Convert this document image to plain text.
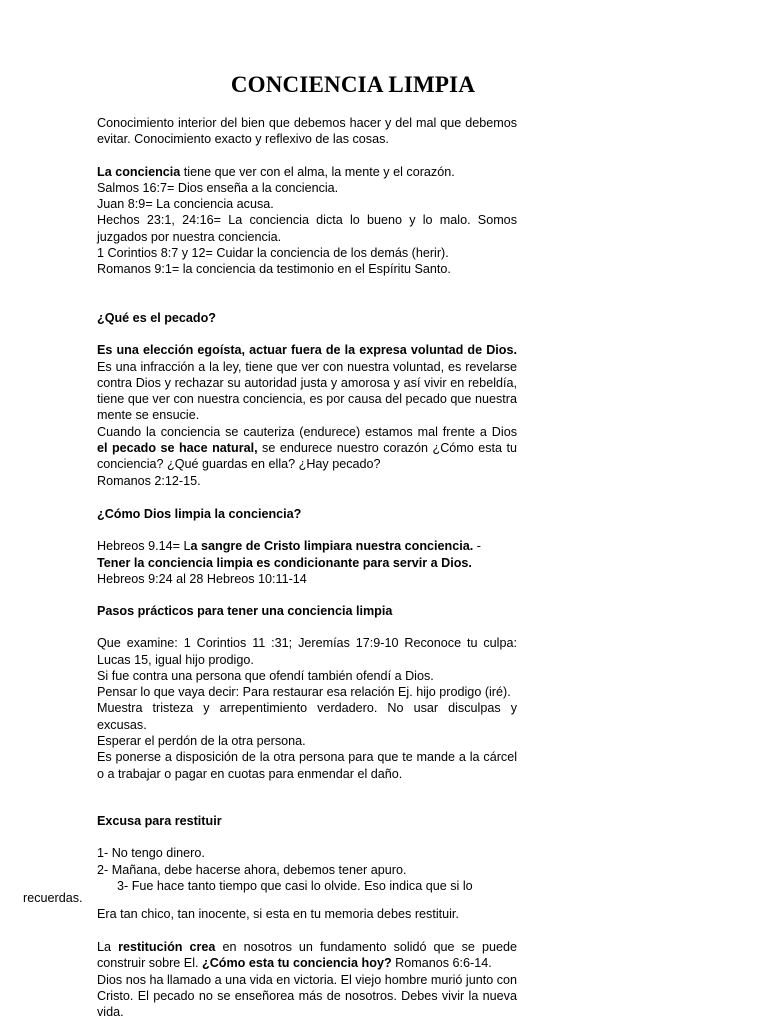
CONCIENCIA LIMPIA

Conocimiento interior del bien que debemos hacer y del mal que debemos evitar. Conocimiento exacto y reflexivo de las cosas.

La conciencia tiene que ver con el alma, la mente y el corazón.

Salmos 16:7= Dios enseña a la conciencia.

Juan 8:9= La conciencia acusa.

Hechos 23:1, 24:16= La conciencia dicta lo bueno y lo malo. Somos juzgados por nuestra conciencia.

1 Corintios 8:7 y 12= Cuidar la conciencia de los demás (herir).

Romanos 9:1= la conciencia da testimonio en el Espíritu Santo.

¿Qué es el pecado?

Es una elección egoísta, actuar fuera de la expresa voluntad de Dios. Es una infracción a la ley, tiene que ver con nuestra voluntad, es revelarse contra Dios y rechazar su autoridad justa y amorosa y así vivir en rebeldía, tiene que ver con nuestra conciencia, es por causa del pecado que nuestra mente se ensucie.

Cuando la conciencia se cauteriza (endurece) estamos mal frente a Dios el pecado se hace natural, se endurece nuestro corazón ¿Cómo esta tu conciencia? ¿Qué guardas en ella? ¿Hay pecado?

Romanos 2:12-15.

¿Cómo Dios limpia la conciencia?

Hebreos 9.14= La sangre de Cristo limpiara nuestra conciencia. -

Tener la conciencia limpia es condicionante para servir a Dios.

Hebreos 9:24 al 28 Hebreos 10:11-14

Pasos prácticos para tener una conciencia limpia

Que examine: 1 Corintios 11 :31; Jeremías 17:9-10 Reconoce tu culpa: Lucas 15, igual hijo prodigo.

Si fue contra una persona que ofendí también ofendí a Dios.

Pensar lo que vaya decir: Para restaurar esa relación Ej. hijo prodigo (iré).

Muestra tristeza y arrepentimiento verdadero. No usar disculpas y excusas.

Esperar el perdón de la otra persona.

Es ponerse a disposición de la otra persona para que te mande a la cárcel o a trabajar o pagar en cuotas para enmendar el daño.

Excusa para restituir

1- No tengo dinero.

2- Mañana, debe hacerse ahora, debemos tener apuro.

3- Fue hace tanto tiempo que casi lo olvide. Eso indica que si lo

recuerdas.

Era tan chico, tan inocente, si esta en tu memoria debes restituir.

La restitución crea en nosotros un fundamento solidó que se puede construir sobre El. ¿Cómo esta tu conciencia hoy? Romanos 6:6-14.

Dios nos ha llamado a una vida en victoria. El viejo hombre murió junto con Cristo. El pecado no se enseñorea más de nosotros. Debes vivir la nueva vida.
